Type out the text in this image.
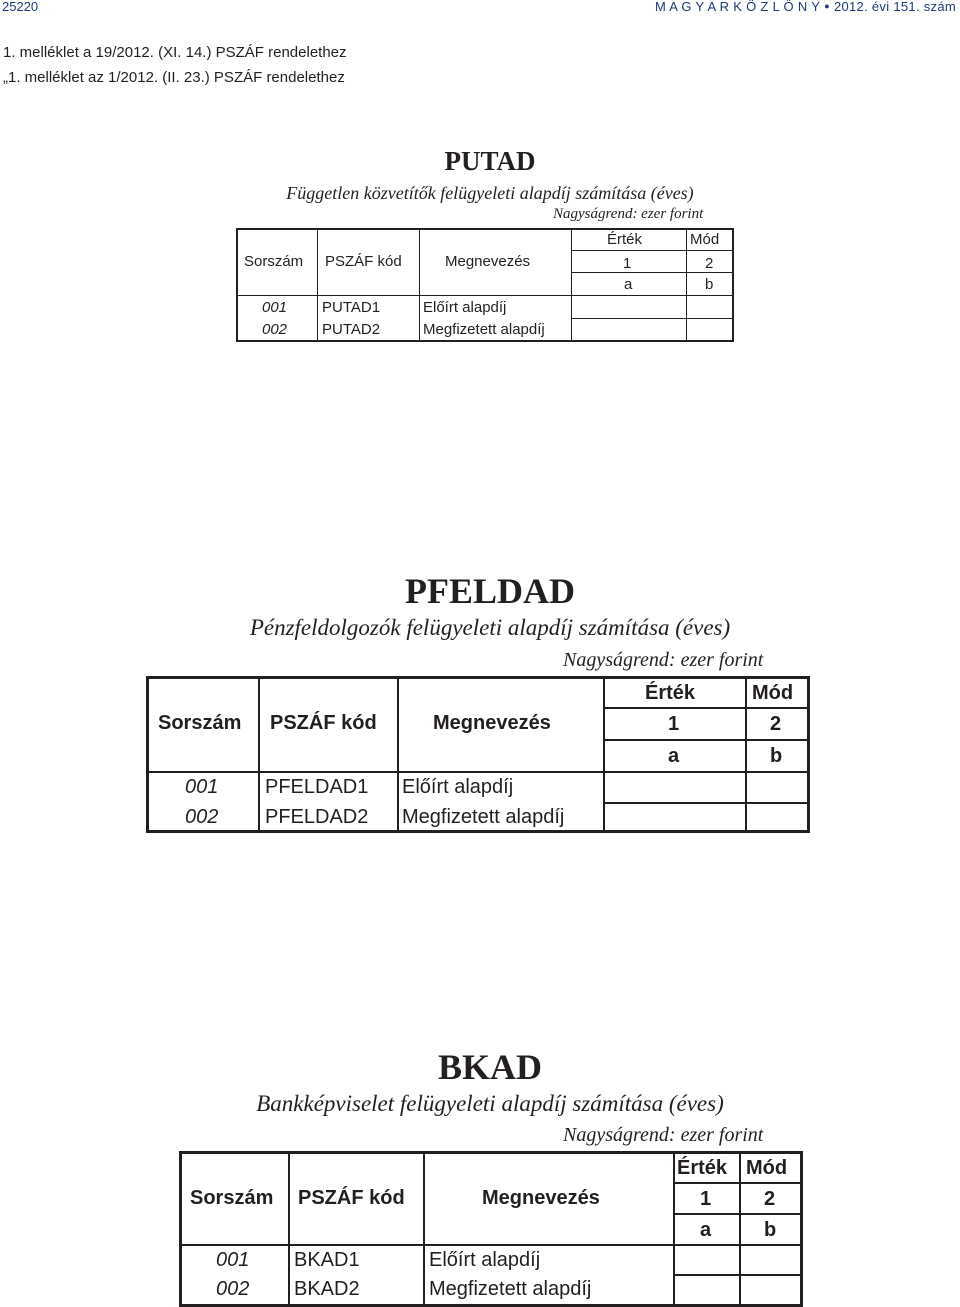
25220	M A G Y A R K Ö Z L Ö N Y ● 2012. évi 151. szám
1. melléklet a 19/2012. (XI. 14.) PSZÁF rendelethez
„1. melléklet az 1/2012. (II. 23.) PSZÁF rendelethez
PUTAD
Független közvetítők felügyeleti alapdíj számítása (éves)
Nagyságrend: ezer forint
Sorszám PSZÁF kód	Megnevezés
Érték	Mód
1	2
a	b
001 PUTAD1	Előírt alapdíj
002 PUTAD2	Megfizetett alapdíj
PFELDAD
Pénzfeldolgozók felügyeleti alapdíj számítása (éves)
Nagyságrend: ezer forint
Sorszám PSZÁF kód	Megnevezés
Érték	Mód
1	2
a	b
001 PFELDAD1 Előírt alapdíj
002 PFELDAD2 Megfizetett alapdíj
BKAD
Bankképviselet felügyeleti alapdíj számítása (éves)
Nagyságrend: ezer forint
Sorszám PSZÁF kód	Megnevezés
Érték Mód
1	2
a	b
001 BKAD1	Előírt alapdíj
002 BKAD2	Megfizetett alapdíj
